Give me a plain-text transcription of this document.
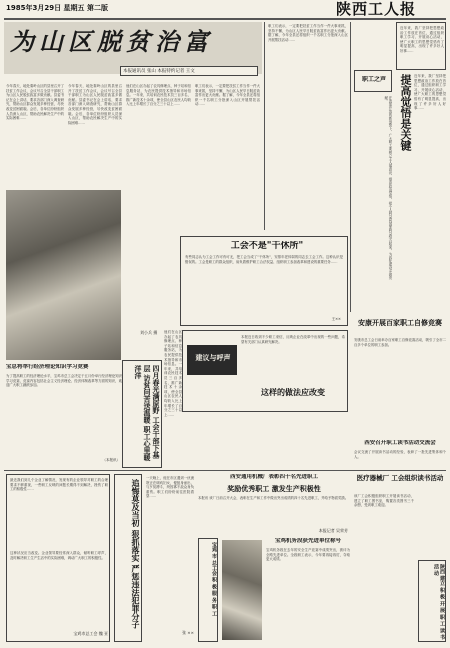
1985年3月29日 星期五 第二版	陕西工人报
为山区脱贫治富
本报通讯员 张山 本报特约记者 王文
今年春天，地处秦岭山区的县里召开了扶贫工作会议，会议号召全县干部职工为山区人民脱贫致富多做贡献。县委书记在会上讲话，要求各部门深入调查研究，帮助山区群众发展多种经营，尽快改变贫困面貌。会后，各单位纷纷组织人员深入山区，帮助农民解决生产中的实际困难……
今年春天，地处秦岭山区的县里召开了扶贫工作会议，会议号召全县干部职工为山区人民脱贫致富多做贡献。县委书记在会上讲话，要求各部门深入调查研究，帮助山区群众发展多种经营，尽快改变贫困面貌。会后，各单位纷纷组织人员深入山区，帮助农民解决生产中的实际困难……
刘小兵 摄
他们在山区办起了农具修理点、种子站和信息服务站，为农民提供技术指导和市场信息。一年来，共培训农民技术员三百多名，推广新技术十余项，使全县山区农民人均收入比上年增长了百分之三十以上……
职工们表示，一定要把扶贫工作当作一件大事来抓，坚持不懈，为山区人民早日脱贫致富作出更大贡献。据了解，今年全县还将组织一千名职工分批深入山区开展帮扶活动……
职工们表示，一定要把扶贫工作当作一件大事来抓，坚持不懈，为山区人民早日脱贫致富作出更大贡献。据了解，今年全县还将组织一千名职工分批深入山区开展帮扶活动……
职工之声
在改革开放的新形势下，广大职工要树立主人翁意识，提高政治觉悟，把个人利益同国家利益结合起来，为四化建设多做贡献。	提高觉悟是关键
近年来，我厂坚持把思想政治工作放在首位，通过组织职工学习、开展谈心活动，使广大职工的思想觉悟有了明显提高，出现了许多好人好事……
近年来，我厂坚持把思想政治工作放在首位，通过组织职工学习、开展谈心活动，使广大职工的思想觉悟有了明显提高，出现了许多好人好事……
工会不是"干休所"
有些同志认为工会工作可有可无，把工会当成了"干休所"，安排年老体弱的同志去工会工作。这种认识是错误的。工会是职工的群众组织，肩负着维护职工合法权益、组织职工参加改革和建设的重要任务……
王××
四月春光满原野 工会干部下基层 访贫问苦送温暖 职工心里暖洋洋
他们在山区办起了农具修理点、种子站和信息服务站，为农民提供技术指导和市场信息。一年来，共培训农民技术员三百多名，推广新技术十余项，使全县山区农民人均收入比上年增长了百分之三十以上……
宝总将举行经济理论知识学习竞赛
为了提高职工的经济理论水平，宝鸡市总工会决定于五月份举行经济理论知识学习竞赛，竞赛内容包括社会主义经济理论、经济体制改革等方面的知识，欢迎广大职工踊跃参加。
（本报讯）
建议与呼声
本报近日收到不少职工来信，反映企业在改革中出现的一些问题，希望有关部门认真研究解决。
这样的做法应改变
安康开展百家职工自修竞赛
安康市总工会日前举办百家职工自修竞赛活动，吸引了全市二百多个单位的职工参加。
最近我们到几个企业了解情况，发现有的企业领导对职工的合理要求不够重视，一些职工反映的问题长期得不到解决，挫伤了职工的积极性……
这种状况应当改变。企业领导要经常深入群众，倾听职工呼声，及时解决职工生产生活中的实际困难，调动广大职工的积极性。
宝鸡市总工会 魏 亚
追悔莫及当初 狠抓落实 严惩违法犯罪分子
一天晚上，他在市区遇到一伙流氓正在调戏妇女，便挺身而出，与歹徒搏斗，终因寡不敌众身负重伤。职工们纷纷前往医院看望……
张 ××
西安通用机械厂表彰四十名先进职工
奖励优秀职工 激发生产积极性
本报讯 该厂日前召开大会，表彰在生产和工作中做出突出成绩的四十名先进职工，并给予物质奖励。
本报记者 吴荣芳
宝鸡 市 总工会 积 极 服 务 职 工
宝鸡机务段获先进单位称号
宝鸡机务段在去年的安全生产竞赛中成绩突出，被评为全路先进单位。全段职工表示，今年要再接再厉，夺取更大成绩。
西安召开职工读书活动交流会
会议交流了开展读书活动的经验，表彰了一批先进集体和个人。
医疗器械厂 工会组织读书活动
该厂工会积极组织职工开展读书活动，建立了职工图书室，购置各类图书三千余册，受到职工欢迎。
陕西 建立 积 极 开 展 职 工 读 书 活 动
